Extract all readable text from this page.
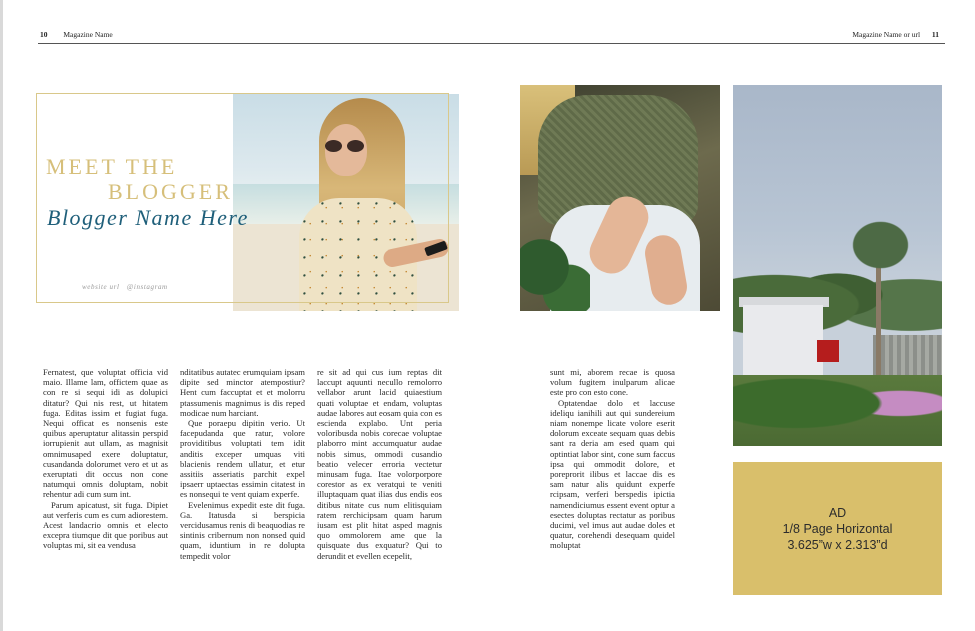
10 Magazine Name	Magazine Name or url 11
MEET THE
BLOGGER
Blogger Name Here
website url @instagram

Fernatest, que voluptat officia vid maio. Illame lam, offictem quae as con re si sequi idi as dolupici ditatur? Qui nis rest, ut hitatem fuga. Editas issim et fugiat fuga. Nequi officat es nonsenis este quibus aperuptatur alitassin perspid iorrupienit aut ullam, as magnisit omnimusaped exere doluptatur, cusandanda dolorumet vero et ut as exeruptati dit occus non cone natumqui omnis doluptam, nobit rehentur adi cum sum int.

Parum apicatust, sit fuga. Dipiet aut verferis cum es cum adiorestem. Acest landacrio omnis et electo excepra tiumque dit que poribus aut voluptas mi, sit ea vendusa

nditatibus autatec erumquiam ipsam dipite sed minctor atempostiur? Hent cum faccuptat et et molorru ptassumenis magnimus is dis reped modicae num harciant.

Que poraepu dipitin verio. Ut facepudanda que ratur, volore providitibus voluptati tem idit anditis exceper umquas viti blacienis rendem ullatur, et etur assitiis asseriatis parchit expel ipsaerr uptaectas essimin citatest in es nonsequi te vent quiam experfe.

Evelenimus expedit este dit fuga. Ga. Itatusda si berspicia vercidusamus renis di beaquodias re sintinis cribernum non nonsed quid quam, iduntium in re dolupta tempedit volor

re sit ad qui cus ium reptas dit laccupt aquunti necullo remolorro vellabor arunt lacid quiaestium quati voluptae et endam, voluptas audae labores aut eosam quia con es escienda explabo. Unt peria voloribusda nobis corecae voluptae plaborro mint accumquatur audae nobis simus, ommodi cusandio beatio velecer erroria vectetur minusam fuga. Itae volorporpore corestor as ex veratqui te veniti illuptaquam quat ilias dus endis eos ditibus nitate cus num elitisquiam ratem rerchicipsam quam harum iusam est plit hitat asped magnis quo ommolorem ame que la quisquate dus exquatur? Qui to derundit et evellen ecepelit,

sunt mi, aborem recae is quosa volum fugitem inulparum alicae este pro con esto cone.

Optatendae dolo et laccuse ideliqu ianihili aut qui sundereium niam nonempe licate volore eserit dolorum exceate sequam quas debis sant ra deria am esed quam qui optintiat labor sint, cone sum faccus ipsa qui ommodit dolore, et poreprorit ilibus et laccae dis es sam natur alis quidunt experfe rcipsam, verferi berspedis ipictia namendiciumus essent event optur a esectes doluptas rectatur as poribus ducimi, vel imus aut audae doles et quatur, corehendi desequam quidel moluptat

AD
1/8 Page Horizontal
3.625”w x 2.313”d
